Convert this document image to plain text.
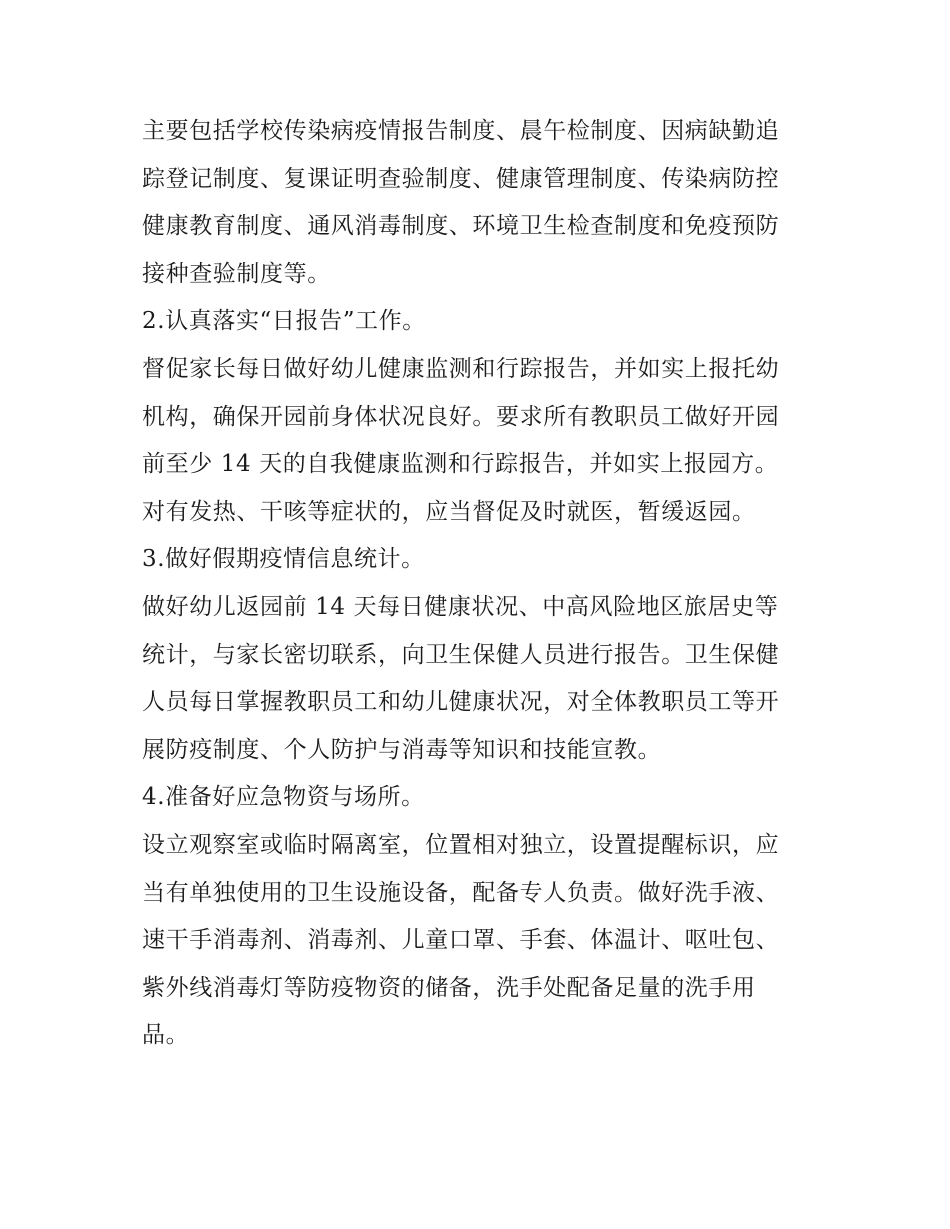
主要包括学校传染病疫情报告制度、晨午检制度、因病缺勤追
踪登记制度、复课证明查验制度、健康管理制度、传染病防控
健康教育制度、通风消毒制度、环境卫生检查制度和免疫预防
接种查验制度等。
2.认真落实“日报告”工作。
督促家长每日做好幼儿健康监测和行踪报告，并如实上报托幼
机构，确保开园前身体状况良好。要求所有教职员工做好开园
前至少 14 天的自我健康监测和行踪报告，并如实上报园方。
对有发热、干咳等症状的，应当督促及时就医，暂缓返园。
3.做好假期疫情信息统计。
做好幼儿返园前 14 天每日健康状况、中高风险地区旅居史等
统计，与家长密切联系，向卫生保健人员进行报告。卫生保健
人员每日掌握教职员工和幼儿健康状况，对全体教职员工等开
展防疫制度、个人防护与消毒等知识和技能宣教。
4.准备好应急物资与场所。
设立观察室或临时隔离室，位置相对独立，设置提醒标识，应
当有单独使用的卫生设施设备，配备专人负责。做好洗手液、
速干手消毒剂、消毒剂、儿童口罩、手套、体温计、呕吐包、
紫外线消毒灯等防疫物资的储备，洗手处配备足量的洗手用
品。
